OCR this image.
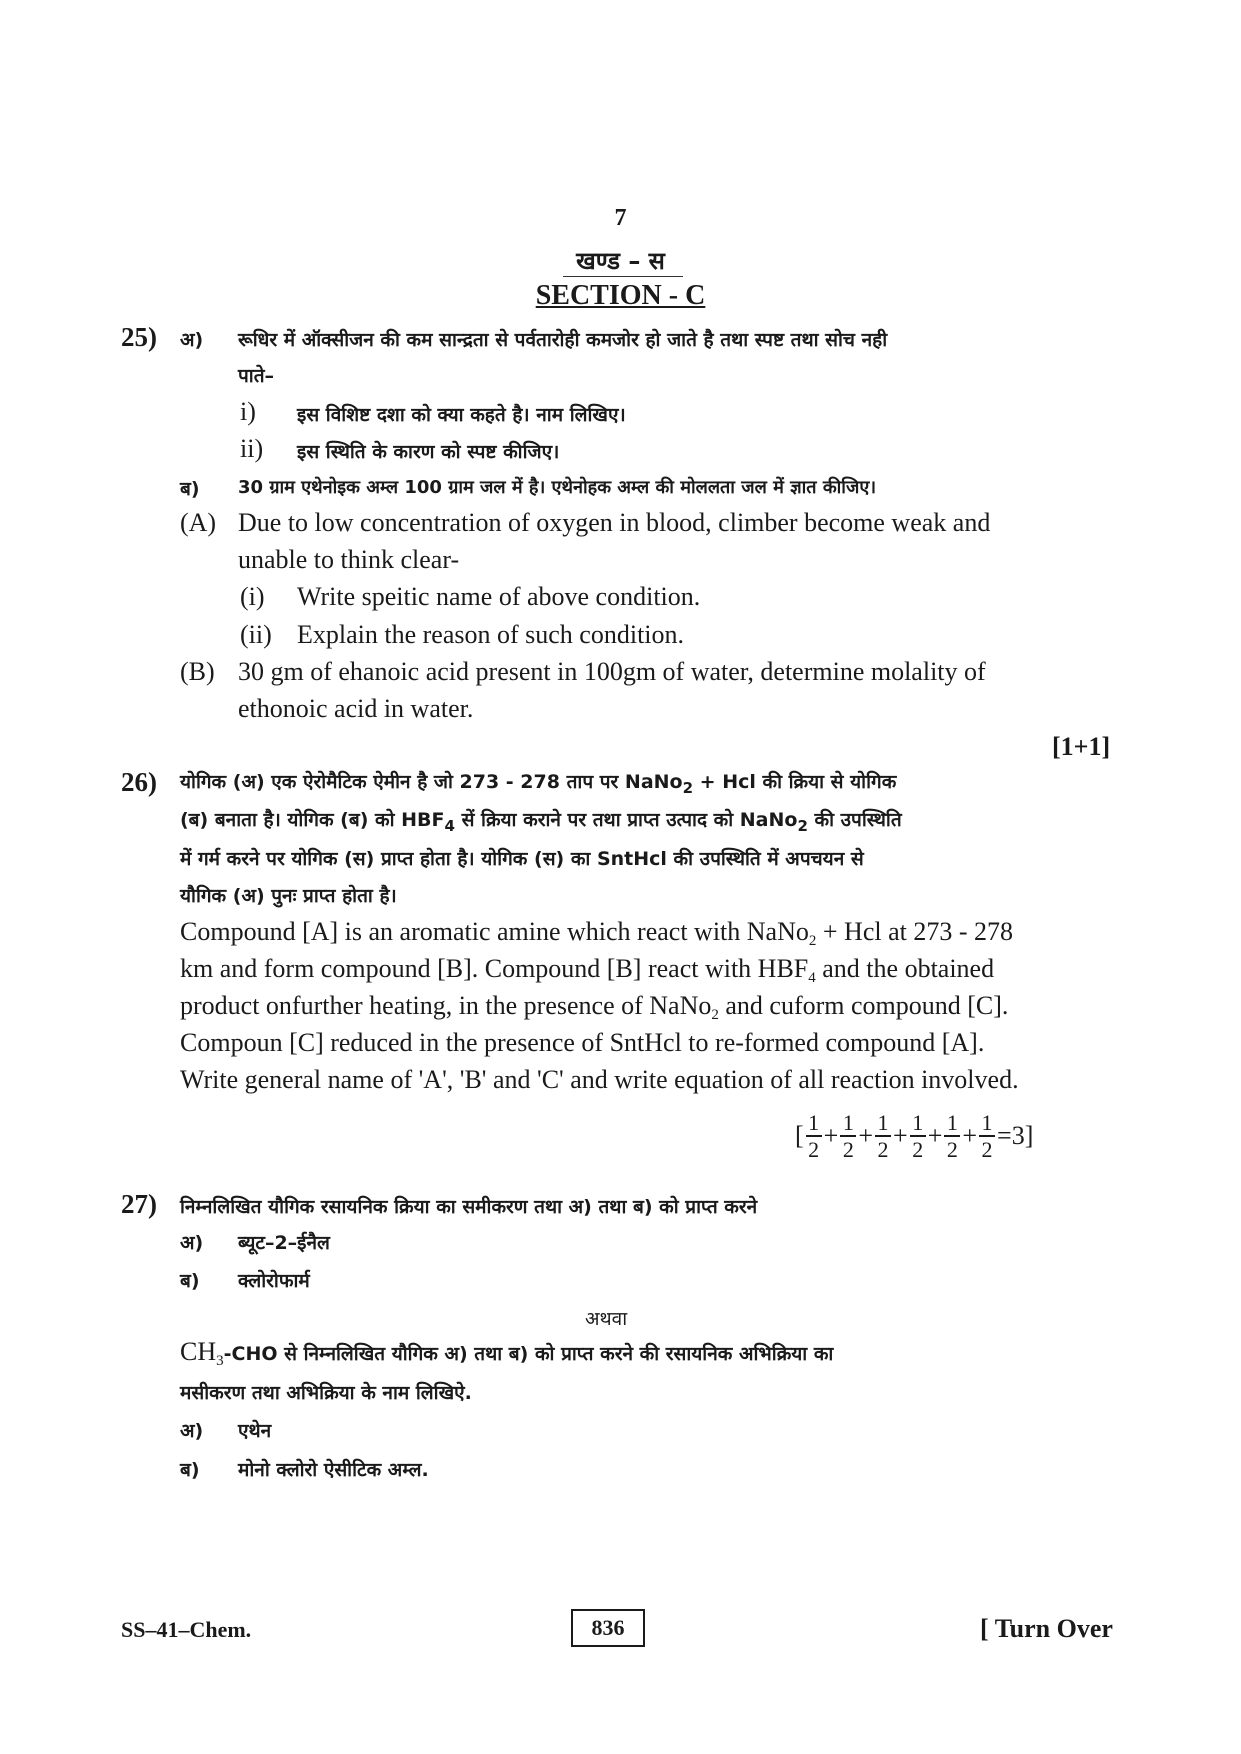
7
खण्ड – स
SECTION - C
25) अ) रूधिर में ऑक्सीजन की कम सान्द्रता से पर्वतारोही कमजोर हो जाते है तथा स्पष्ट तथा सोच नही
पाते–
i) इस विशिष्ट दशा को क्या कहते है। नाम लिखिए।
ii) इस स्थिति के कारण को स्पष्ट कीजिए।
ब) 30 ग्राम एथेनोइक अम्ल 100 ग्राम जल में है। एथेनोहक अम्ल की मोललता जल में ज्ञात कीजिए।
(A) Due to low concentration of oxygen in blood, climber become weak and
unable to think clear-
(i) Write speitic name of above condition.
(ii) Explain the reason of such condition.
(B) 30 gm of ehanoic acid present in 100gm of water, determine molality of
ethonoic acid in water.
[1+1]
26) योगिक (अ) एक ऐरोमैटिक ऐमीन है जो 273 - 278 ताप पर NaNo$_2$ + Hcl की क्रिया से योगिक
(ब) बनाता है। योगिक (ब) को $HBF_4$ सें क्रिया कराने पर तथा प्राप्त उत्पाद को NaNo$_2$ की उपस्थिति
में गर्म करने पर योगिक (स) प्राप्त होता है। योगिक (स) का SntHcl की उपस्थिति में अपचयन से
यौगिक (अ) पुनः प्राप्त होता है।
Compound [A] is an aromatic amine which react with NaNo$_2$ + Hcl at 273 - 278
km and form compound [B]. Compound [B] react with $HBF_4$ and the obtained
product onfurther heating, in the presence of NaNo$_2$ and cuform compound [C].
Compoun [C] reduced in the presence of SntHcl to re-formed compound [A].
Write general name of 'A', 'B' and 'C' and write equation of all reaction involved.
[ $\frac{1}{2} + \frac{1}{2} + \frac{1}{2} + \frac{1}{2} + \frac{1}{2} + \frac{1}{2} =3$]
27) निम्नलिखित यौगिक रसायनिक क्रिया का समीकरण तथा अ) तथा ब) को प्राप्त करने
अ) ब्यूट–2–ईनैल
ब) क्लोरोफार्म
अथवा
$CH_3$-CHO से निम्नलिखित यौगिक अ) तथा ब) को प्राप्त करने की रसायनिक अभिक्रिया का
मसीकरण तथा अभिक्रिया के नाम लिखिऐ.
अ) एथेन
ब) मोनो क्लोरो ऐसीटिक अम्ल.
SS–41–Chem.	836	[ Turn Over
